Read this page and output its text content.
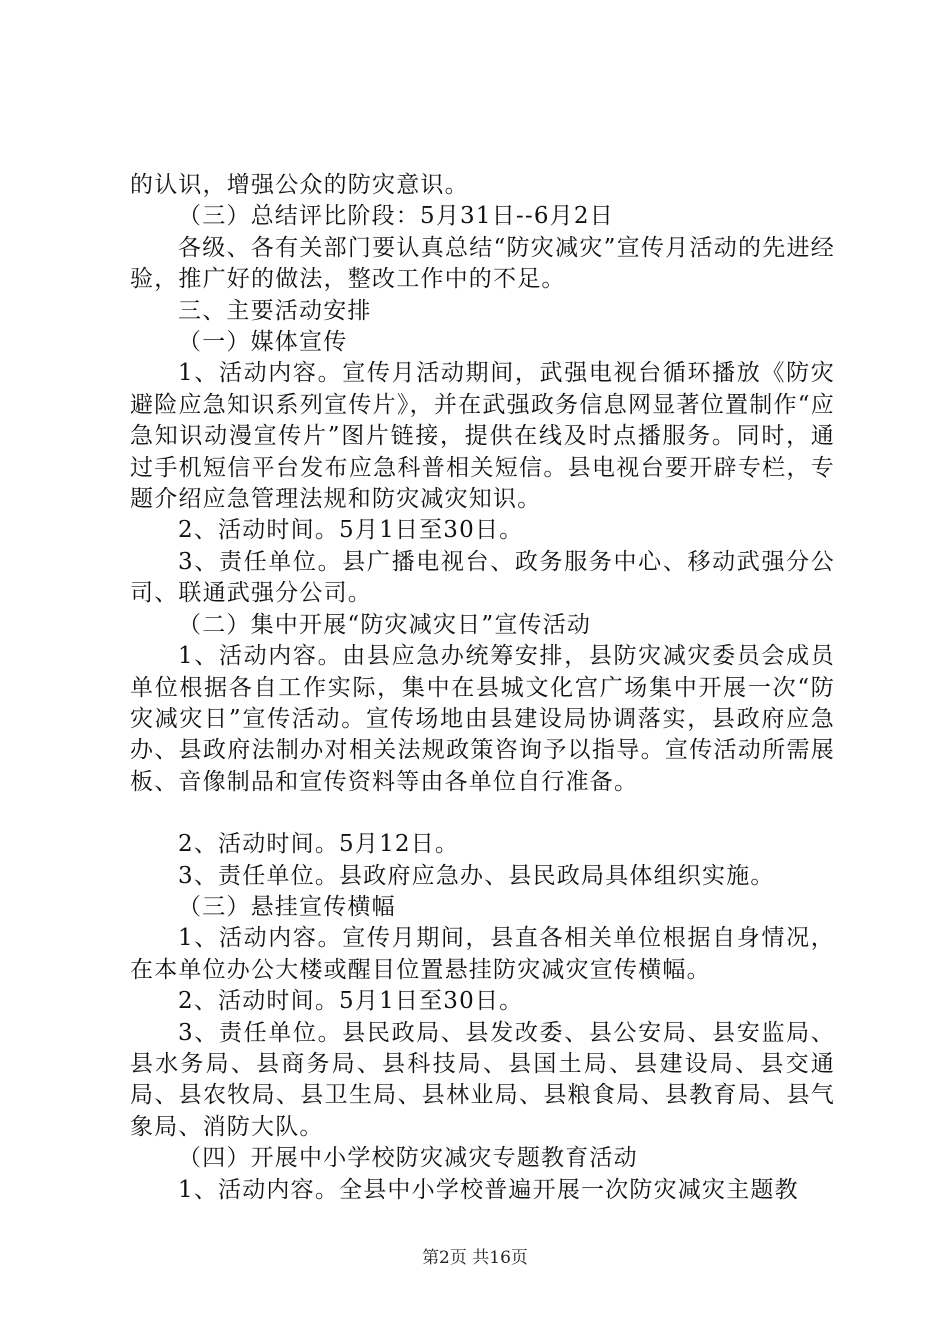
的认识，增强公众的防灾意识。

（三）总结评比阶段：5月31日--6月2日

各级、各有关部门要认真总结“防灾减灾”宣传月活动的先进经验，推广好的做法，整改工作中的不足。

三、主要活动安排

（一）媒体宣传

1、活动内容。宣传月活动期间，武强电视台循环播放《防灾避险应急知识系列宣传片》，并在武强政务信息网显著位置制作“应急知识动漫宣传片”图片链接，提供在线及时点播服务。同时，通过手机短信平台发布应急科普相关短信。县电视台要开辟专栏，专题介绍应急管理法规和防灾减灾知识。

2、活动时间。5月1日至30日。

3、责任单位。县广播电视台、政务服务中心、移动武强分公司、联通武强分公司。

（二）集中开展“防灾减灾日”宣传活动

1、活动内容。由县应急办统筹安排，县防灾减灾委员会成员单位根据各自工作实际，集中在县城文化宫广场集中开展一次“防灾减灾日”宣传活动。宣传场地由县建设局协调落实，县政府应急办、县政府法制办对相关法规政策咨询予以指导。宣传活动所需展板、音像制品和宣传资料等由各单位自行准备。

2、活动时间。5月12日。

3、责任单位。县政府应急办、县民政局具体组织实施。

（三）悬挂宣传横幅

1、活动内容。宣传月期间，县直各相关单位根据自身情况，在本单位办公大楼或醒目位置悬挂防灾减灾宣传横幅。

2、活动时间。5月1日至30日。

3、责任单位。县民政局、县发改委、县公安局、县安监局、县水务局、县商务局、县科技局、县国土局、县建设局、县交通局、县农牧局、县卫生局、县林业局、县粮食局、县教育局、县气象局、消防大队。

（四）开展中小学校防灾减灾专题教育活动

1、活动内容。全县中小学校普遍开展一次防灾减灾主题教

第2页 共16页
